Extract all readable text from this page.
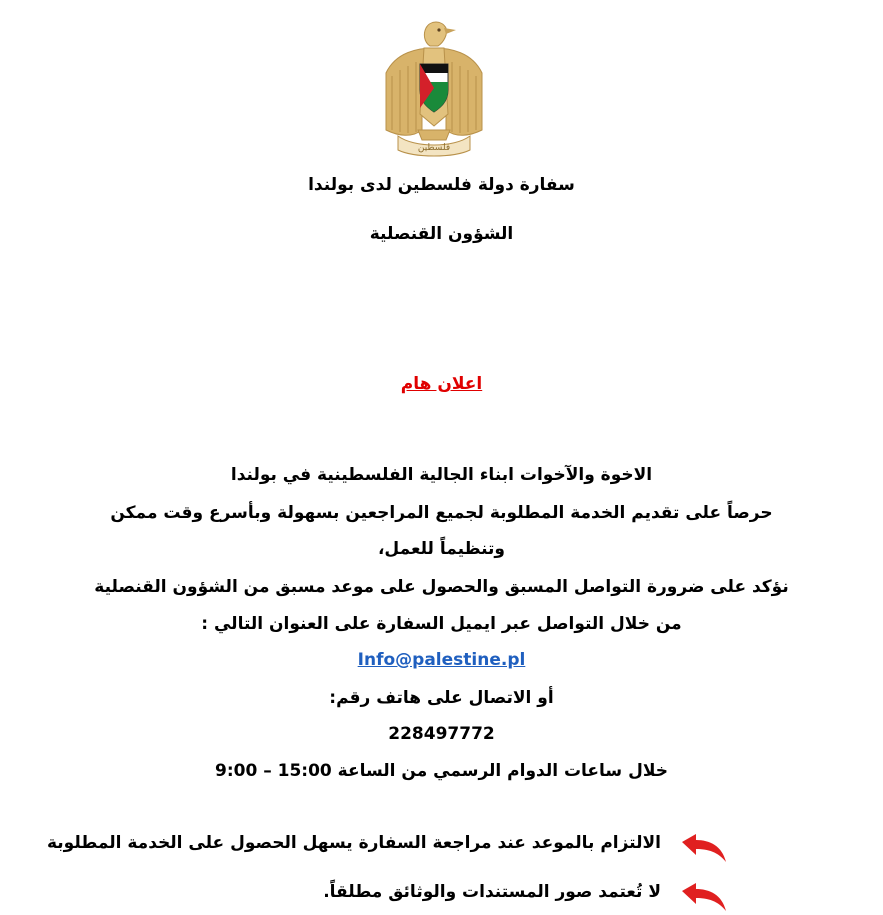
فلسطين
سفارة دولة فلسطين لدى بولندا
الشؤون القنصلية
اعلان هام
الاخوة والآخوات ابناء الجالية الفلسطينية في بولندا
حرصاً على تقديم الخدمة المطلوبة لجميع المراجعين بسهولة وبأسرع وقت ممكن
وتنظيماً للعمل،
نؤكد على ضرورة التواصل المسبق والحصول على موعد مسبق من الشؤون القنصلية
من خلال التواصل عبر ايميل السفارة على العنوان التالي :
Info@palestine.pl
أو الاتصال على هاتف رقم:
228497772
خلال ساعات الدوام الرسمي من الساعة 9:00 – 15:00
الالتزام بالموعد عند مراجعة السفارة يسهل الحصول على الخدمة المطلوبة
لا تُعتمد صور المستندات والوثائق مطلقاً.
